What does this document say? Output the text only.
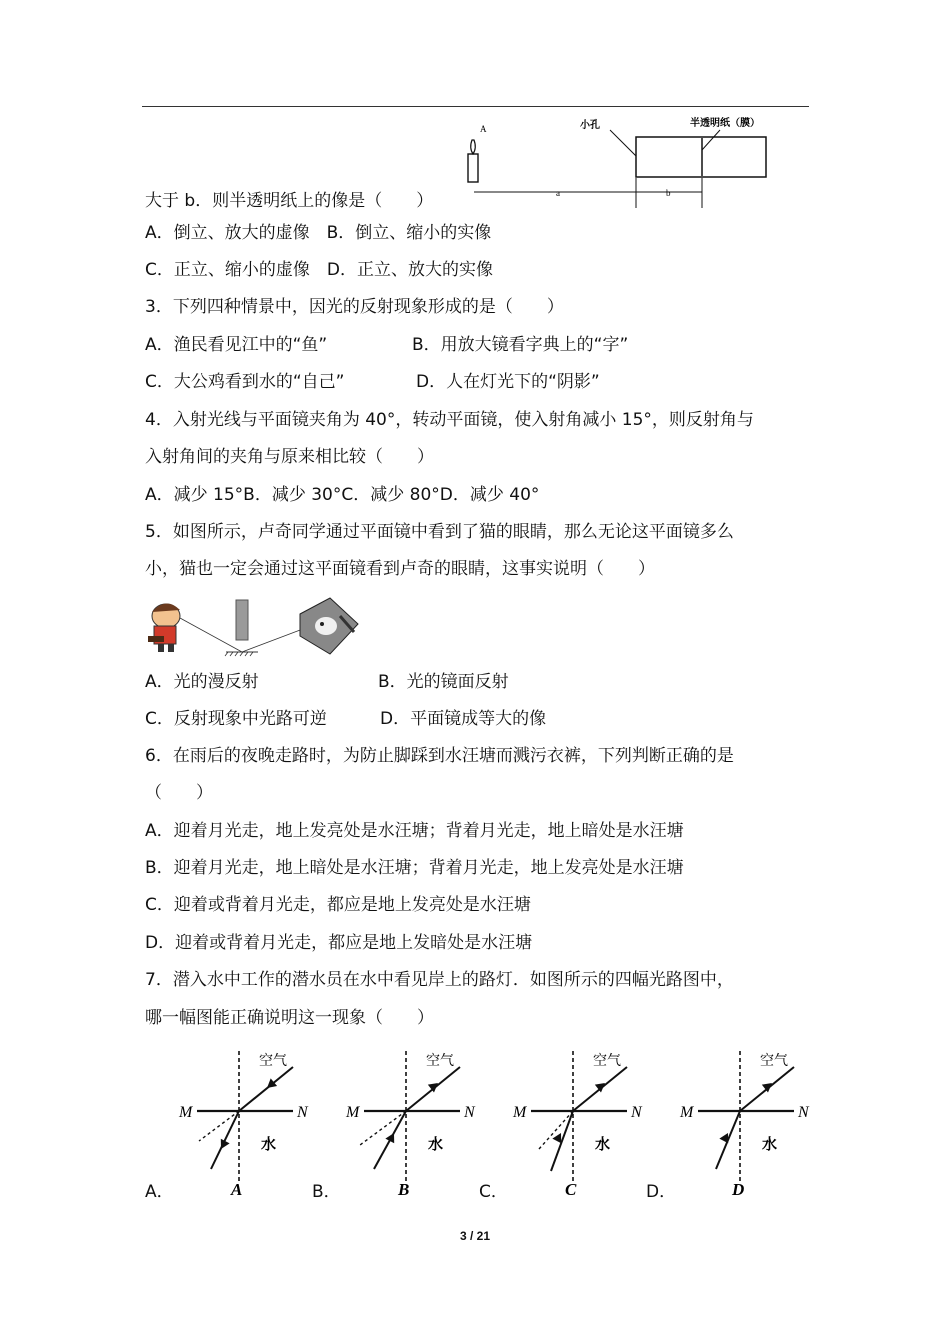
A
a
小孔	半透明纸（膜）
b
大于 b．则半透明纸上的像是（　　）
A．倒立、放大的虚像　B．倒立、缩小的实像
C．正立、缩小的虚像　D．正立、放大的实像
3．下列四种情景中，因光的反射现象形成的是（　　）
A．渔民看见江中的“鱼”	B．用放大镜看字典上的“字”
C．大公鸡看到水的“自己”	D．人在灯光下的“阴影”
4．入射光线与平面镜夹角为 40°，转动平面镜，使入射角减小 15°，则反射角与
入射角间的夹角与原来相比较（　　）
A．减少 15°B．减少 30°C．减少 80°D．减少 40°
5．如图所示，卢奇同学通过平面镜中看到了猫的眼睛，那么无论这平面镜多么
小，猫也一定会通过这平面镜看到卢奇的眼睛，这事实说明（　　）
A．光的漫反射	B．光的镜面反射
C．反射现象中光路可逆	D．平面镜成等大的像
6．在雨后的夜晚走路时，为防止脚踩到水汪塘而溅污衣裤，下列判断正确的是
（　　）
A．迎着月光走，地上发亮处是水汪塘；背着月光走，地上暗处是水汪塘
B．迎着月光走，地上暗处是水汪塘；背着月光走，地上发亮处是水汪塘
C．迎着或背着月光走，都应是地上发亮处是水汪塘
D．迎着或背着月光走，都应是地上发暗处是水汪塘
7．潜入水中工作的潜水员在水中看见岸上的路灯．如图所示的四幅光路图中，
哪一幅图能正确说明这一现象（　　）
A．
M	N
空气
水
A	B．
M	N
空气
水
B	C．
M	N
空气
水
C	D．
M	N
空气
水
D
3 / 21
